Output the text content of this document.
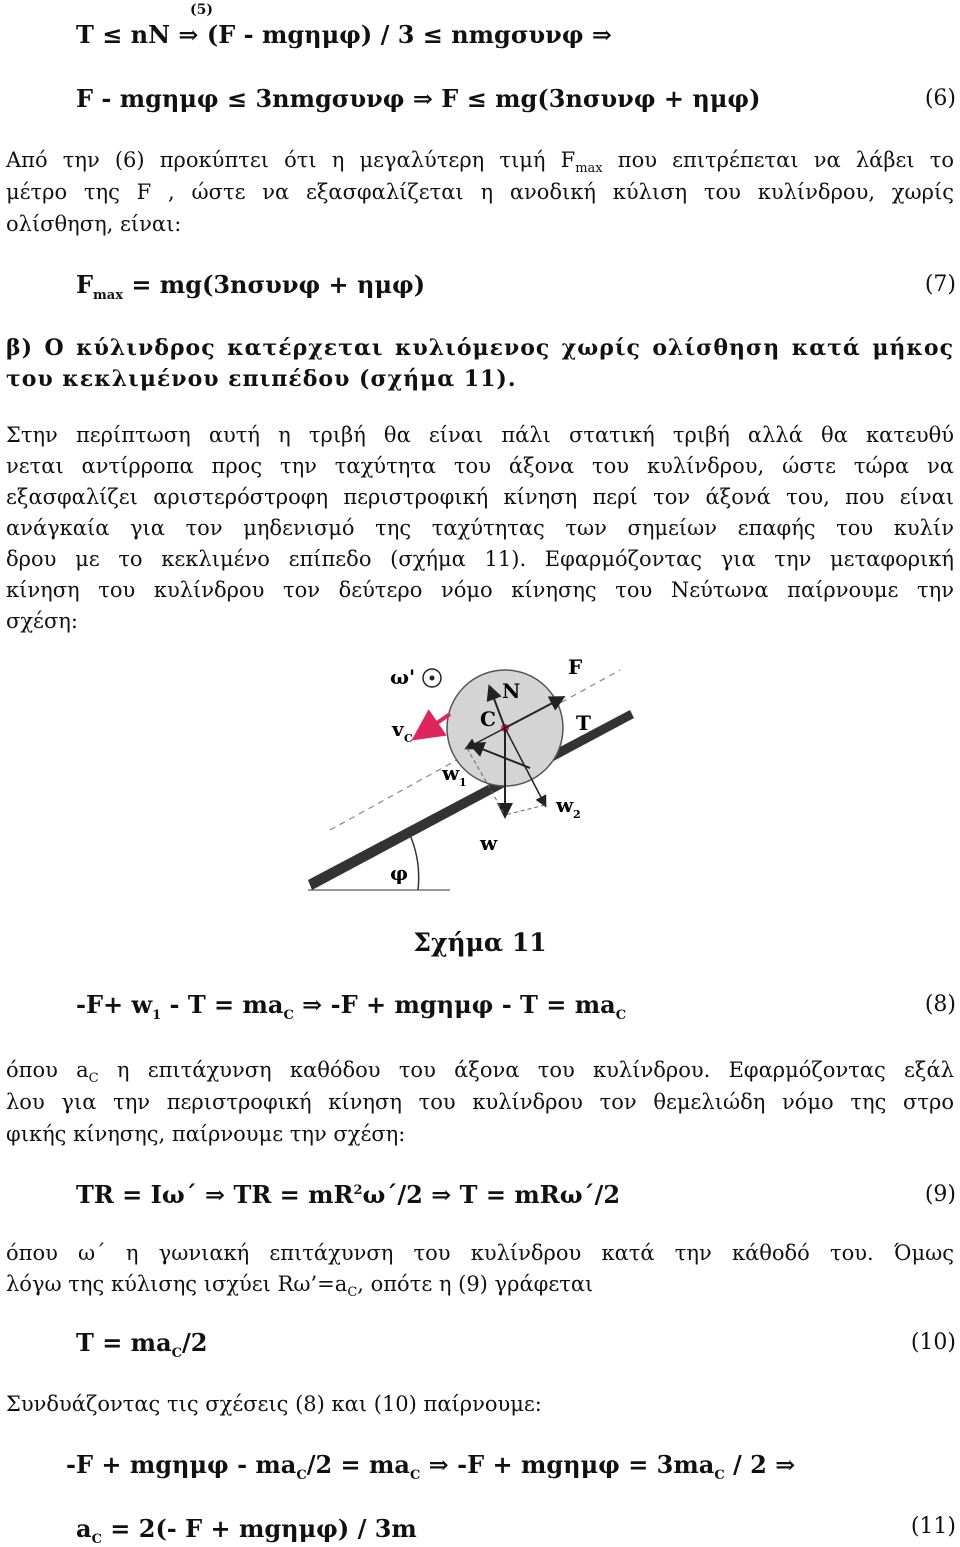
(5)
T ≤ nN ⇒ (F - mgημφ) / 3 ≤ nmgσυνφ ⇒
F - mgημφ ≤ 3nmgσυνφ ⇒ F ≤ mg(3nσυνφ + ημφ)	(6)
Από την (6) προκύπτει ότι η μεγαλύτερη τιμή $F_{max}$ που επιτρέπεται να λάβει το
μέτρο της F , ώστε να εξασφαλίζεται η ανοδική κύλιση του κυλίνδρου, χωρίς
ολίσθηση, είναι:
$F_{max} = mg(3n\sigma\upsilon\nu\varphi + \eta\mu\varphi)$	(7)
β) Ο κύλινδρος κατέρχεται κυλιόμενος χωρίς ολίσθηση κατά μήκος
του κεκλιμένου επιπέδου (σχήμα 11).
Στην περίπτωση αυτή η τριβή θα είναι πάλι στατική τριβή αλλά θα κατευθύ
νεται αντίρροπα προς την ταχύτητα του άξονα του κυλίνδρου, ώστε τώρα να
εξασφαλίζει αριστερόστροφη περιστροφική κίνηση περί τον άξονά του, που είναι
ανάγκαία για τον μηδενισμό της ταχύτητας των σημείων επαφής του κυλίν
δρου με το κεκλιμένο επίπεδο (σχήμα 11). Εφαρμόζοντας για την μεταφορική
κίνηση του κυλίνδρου τον δεύτερο νόμο κίνησης του Νεύτωνα παίρνουμε την
σχέση:
ω'
v C
C
N
F
T
w 1
w 2
w
φ
Σχήμα 11
$-F+ w_1 - T = ma_C$ ⇒ $-F + mg\eta\mu\varphi - T = ma_C$	(8)
όπου $a_C$ η επιτάχυνση καθόδου του άξονα του κυλίνδρου. Εφαρμόζοντας εξάλ
λου για την περιστροφική κίνηση του κυλίνδρου τον θεμελιώδη νόμο της στρο
φικής κίνησης, παίρνουμε την σχέση:
TR = Iω´ ⇒ TR = $mR^2\omega´/2$ ⇒ T = mRω´/2	(9)
όπου ω´ η γωνιακή επιτάχυνση του κυλίνδρου κατά την κάθοδό του. Όμως
λόγω της κύλισης ισχύει $R\omega’=a_C$, οπότε η (9) γράφεται
$T = ma_C/2$	(10)
Συνδυάζοντας τις σχέσεις (8) και (10) παίρνουμε:
$-F + mg\eta\mu\varphi - ma_C/2 = ma_C$ ⇒ $-F + mg\eta\mu\varphi = 3ma_C / 2$ ⇒
$a_C = 2(-$ F + mgημφ) / 3m	(11)
